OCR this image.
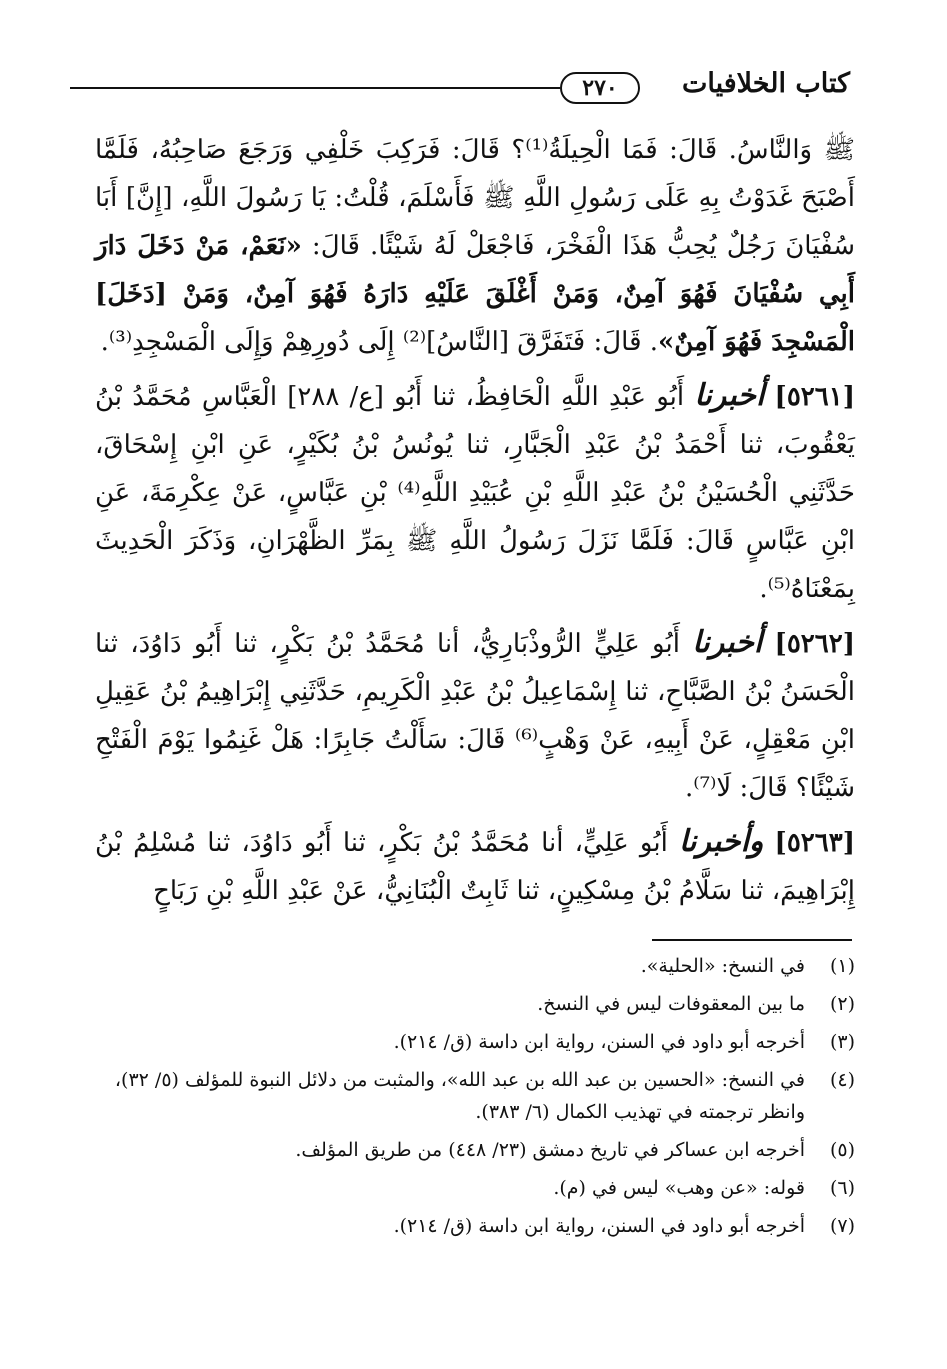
كتاب الخلافيات
٢٧٠

ﷺ وَالنَّاسُ. قَالَ: فَمَا الْحِيلَةُ⁽¹⁾؟ قَالَ: فَرَكِبَ خَلْفِي وَرَجَعَ صَاحِبُهُ، فَلَمَّا أَصْبَحَ غَدَوْتُ بِهِ عَلَى رَسُولِ اللَّهِ ﷺ فَأَسْلَمَ، قُلْتُ: يَا رَسُولَ اللَّهِ، [إِنَّ] أَبَا سُفْيَانَ رَجُلٌ يُحِبُّ هَذَا الْفَخْرَ، فَاجْعَلْ لَهُ شَيْئًا. قَالَ: «نَعَمْ، مَنْ دَخَلَ دَارَ أَبِي سُفْيَانَ فَهُوَ آمِنٌ، وَمَنْ أَغْلَقَ عَلَيْهِ دَارَهُ فَهُوَ آمِنٌ، وَمَنْ [دَخَلَ] الْمَسْجِدَ فَهُوَ آمِنٌ». قَالَ: فَتَفَرَّقَ [النَّاسُ]⁽²⁾ إِلَى دُورِهِمْ وَإِلَى الْمَسْجِدِ⁽³⁾.

[٥٢٦١] أخبرنا أَبُو عَبْدِ اللَّهِ الْحَافِظُ، ثنا أَبُو [ع/ ٢٨٨] الْعَبَّاسِ مُحَمَّدُ بْنُ يَعْقُوبَ، ثنا أَحْمَدُ بْنُ عَبْدِ الْجَبَّارِ، ثنا يُونُسُ بْنُ بُكَيْرٍ، عَنِ ابْنِ إِسْحَاقَ، حَدَّثَنِي الْحُسَيْنُ بْنُ عَبْدِ اللَّهِ بْنِ عُبَيْدِ اللَّهِ⁽⁴⁾ بْنِ عَبَّاسٍ، عَنْ عِكْرِمَةَ، عَنِ ابْنِ عَبَّاسٍ قَالَ: فَلَمَّا نَزَلَ رَسُولُ اللَّهِ ﷺ بِمَرِّ الظَّهْرَانِ، وَذَكَرَ الْحَدِيثَ بِمَعْنَاهُ⁽⁵⁾.

[٥٢٦٢] أخبرنا أَبُو عَلِيٍّ الرُّوذْبَارِيُّ، أنا مُحَمَّدُ بْنُ بَكْرٍ، ثنا أَبُو دَاوُدَ، ثنا الْحَسَنُ بْنُ الصَّبَّاحِ، ثنا إِسْمَاعِيلُ بْنُ عَبْدِ الْكَرِيمِ، حَدَّثَنِي إِبْرَاهِيمُ بْنُ عَقِيلِ ابْنِ مَعْقِلٍ، عَنْ أَبِيهِ، عَنْ وَهْبٍ⁽⁶⁾ قَالَ: سَأَلْتُ جَابِرًا: هَلْ غَنِمُوا يَوْمَ الْفَتْحِ شَيْئًا؟ قَالَ: لَا⁽⁷⁾.

[٥٢٦٣] وأخبرنا أَبُو عَلِيٍّ، أنا مُحَمَّدُ بْنُ بَكْرٍ، ثنا أَبُو دَاوُدَ، ثنا مُسْلِمُ بْنُ إِبْرَاهِيمَ، ثنا سَلَّامُ بْنُ مِسْكِينٍ، ثنا ثَابِتٌ الْبُنَانِيُّ، عَنْ عَبْدِ اللَّهِ بْنِ رَبَاحٍ

(١)
في النسخ: «الحلية».
(٢)
ما بين المعقوفات ليس في النسخ.
(٣)
أخرجه أبو داود في السنن، رواية ابن داسة (ق/ ٢١٤).
(٤)
في النسخ: «الحسين بن عبد الله بن عبد الله»، والمثبت من دلائل النبوة للمؤلف (٥/ ٣٢)، وانظر ترجمته في تهذيب الكمال (٦/ ٣٨٣).
(٥)
أخرجه ابن عساكر في تاريخ دمشق (٢٣/ ٤٤٨) من طريق المؤلف.
(٦)
قوله: «عن وهب» ليس في (م).
(٧)
أخرجه أبو داود في السنن، رواية ابن داسة (ق/ ٢١٤).
